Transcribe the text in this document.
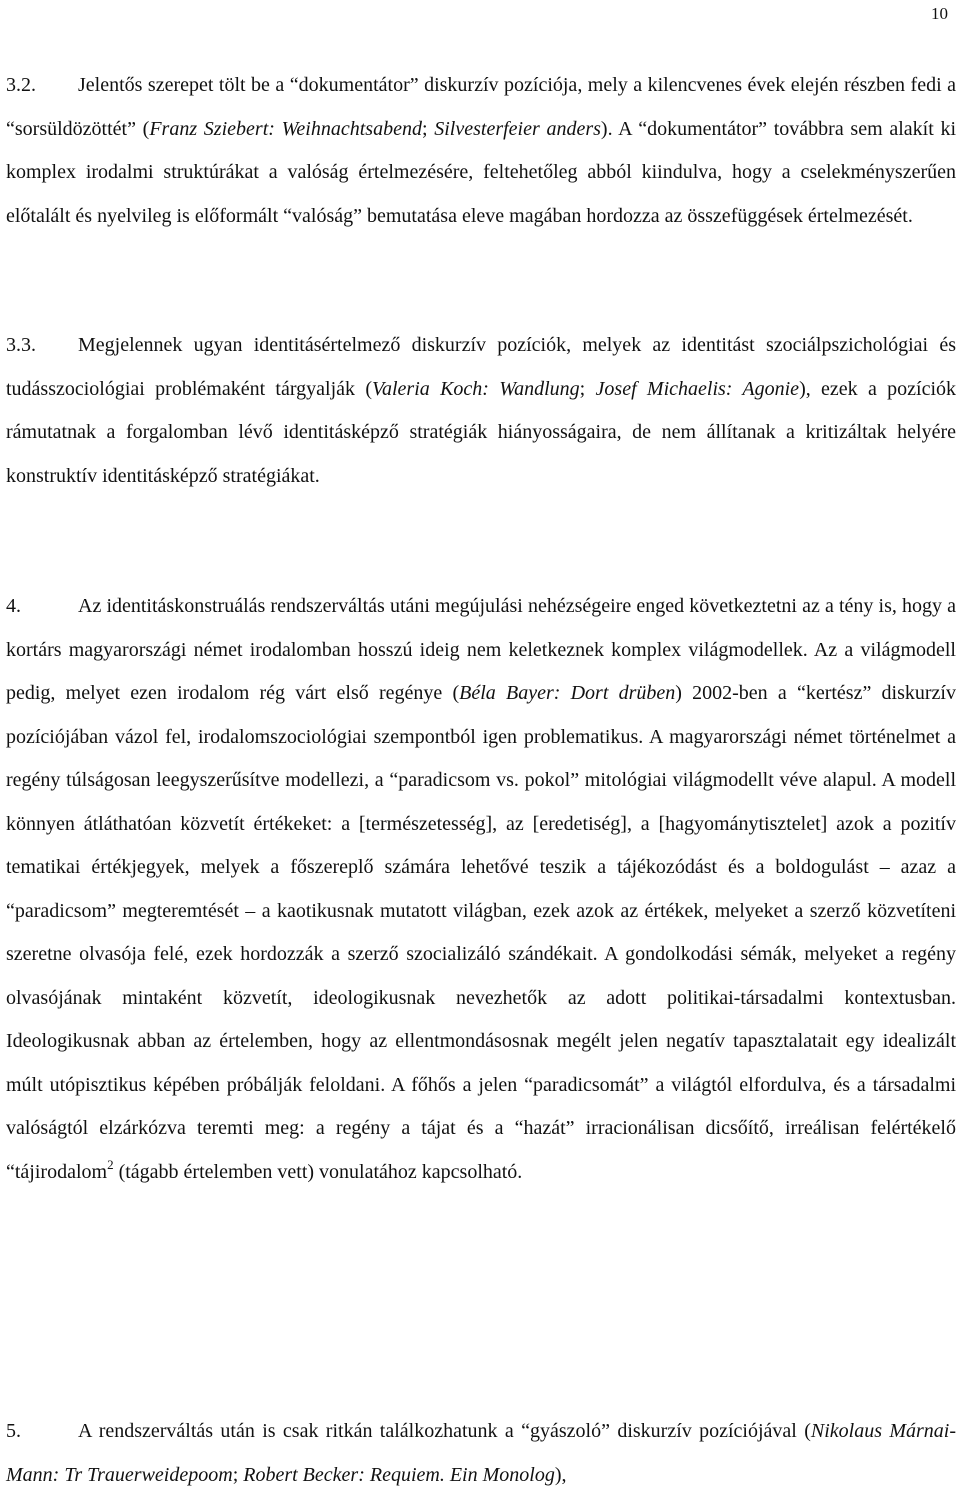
10

3.2. Jelentős szerepet tölt be a “dokumentátor” diskurzív pozíciója, mely a kilencvenes évek elején részben fedi a “sorsüldözöttét” (Franz Sziebert: Weihnachtsabend; Silvesterfeier anders). A “dokumentátor” továbbra sem alakít ki komplex irodalmi struktúrákat a valóság értelmezésére, feltehetőleg abból kiindulva, hogy a cselekményszerűen előtalált és nyelvileg is előformált “valóság” bemutatása eleve magában hordozza az összefüggések értelmezését.

3.3. Megjelennek ugyan identitásértelmező diskurzív pozíciók, melyek az identitást szociálpszichológiai és tudásszociológiai problémaként tárgyalják (Valeria Koch: Wandlung; Josef Michaelis: Agonie), ezek a pozíciók rámutatnak a forgalomban lévő identitásképző stratégiák hiányosságaira, de nem állítanak a kritizáltak helyére konstruktív identitásképző stratégiákat.

4.	Az identitáskonstruálás rendszerváltás utáni megújulási nehézségeire enged következtetni az a tény is, hogy a kortárs magyarországi német irodalomban hosszú ideig nem keletkeznek komplex világmodellek. Az a világmodell pedig, melyet ezen irodalom rég várt első regénye (Béla Bayer: Dort drüben) 2002-ben a “kertész” diskurzív pozíciójában vázol fel, irodalomszociológiai szempontból igen problematikus. A magyarországi német történelmet a regény túlságosan leegyszerűsítve modellezi, a “paradicsom vs. pokol” mitológiai világmodellt véve alapul. A modell könnyen átláthatóan közvetít értékeket: a [természetesség], az [eredetiség], a [hagyománytisztelet] azok a pozitív tematikai értékjegyek, melyek a főszereplő számára lehetővé teszik a tájékozódást és a boldogulást – azaz a “paradicsom” megteremtését – a kaotikusnak mutatott világban, ezek azok az értékek, melyeket a szerző közvetíteni szeretne olvasója felé, ezek hordozzák a szerző szocializáló szándékait. A gondolkodási sémák, melyeket a regény olvasójának mintaként közvetít, ideologikusnak nevezhetők az adott politikai-társadalmi kontextusban. Ideologikusnak abban az értelemben, hogy az ellentmondásosnak megélt jelen negatív tapasztalatait egy idealizált múlt utópisztikus képében próbálják feloldani. A főhős a jelen “paradicsomát” a világtól elfordulva, és a társadalmi valóságtól elzárkózva teremti meg: a regény a tájat és a “hazát” irracionálisan dicsőítő, irreálisan felértékelő “tájirodalom$^2$ (tágabb értelemben vett) vonulatához kapcsolható.

5.	A rendszerváltás után is csak ritkán találkozhatunk a “gyászoló” diskurzív pozíciójával (Nikolaus Márnai-Mann: Tr Trauerweidepoom; Robert Becker: Requiem. Ein Monolog),
